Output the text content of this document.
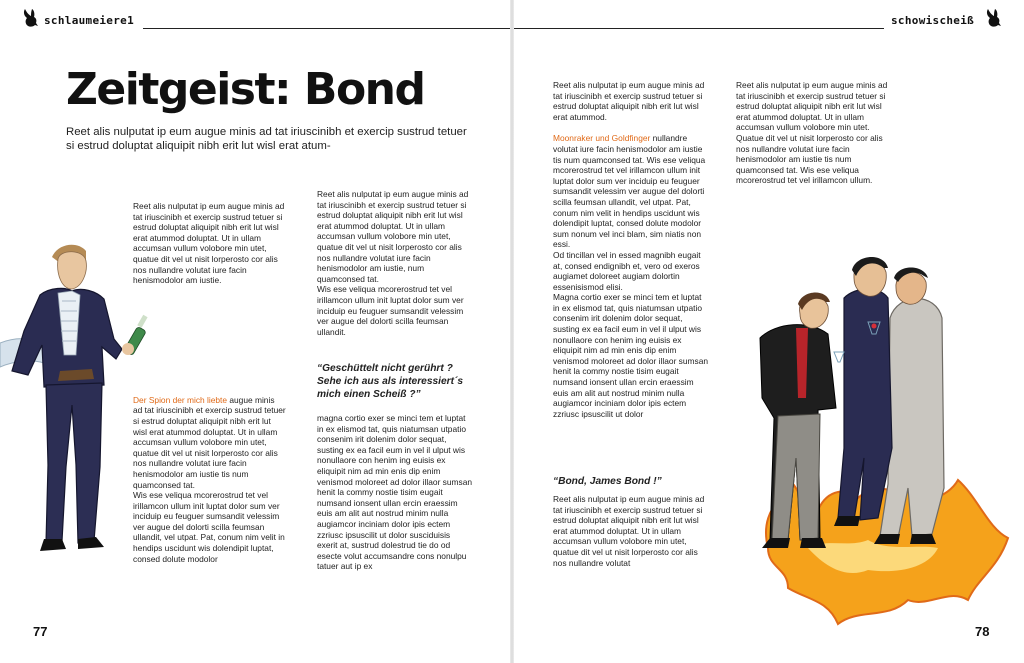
schlaumeiere1	schowischeiß
Zeitgeist: Bond
Reet alis nulputat ip eum augue minis ad tat iriuscinibh et exercip sustrud tetuer si estrud doluptat aliquipit nibh erit lut wisl erat atum-

Reet alis nulputat ip eum augue minis ad tat iriuscinibh et exercip sustrud tetuer si estrud doluptat aliquipit nibh erit lut wisl erat atummod doluptat. Ut in ullam accumsan vullum volobore min utet, quatue dit vel ut nisit lorperosto cor alis nos nullandre volutat iure facin henismodolor am iustie.

Der Spion der mich liebte augue minis ad tat iriuscinibh et exercip sustrud tetuer si estrud doluptat aliquipit nibh erit lut wisl erat atummod doluptat. Ut in ullam accumsan vullum volobore min utet, quatue dit vel ut nisit lorperosto cor alis nos nullandre volutat iure facin henismodolor am iustie tis num quamconsed tat.

Wis ese veliqua mcorerostrud tet vel irillamcon ullum init luptat dolor sum ver inciduip eu feuguer sumsandit velessim ver augue del dolorti scilla feumsan ullandit, vel utpat. Pat, conum nim velit in hendips uscidunt wis dolendipit luptat, consed dolute modolor

Reet alis nulputat ip eum augue minis ad tat iriuscinibh et exercip sustrud tetuer si estrud doluptat aliquipit nibh erit lut wisl erat atummod doluptat. Ut in ullam accumsan vullum volobore min utet, quatue dit vel ut nisit lorperosto cor alis nos nullandre volutat iure facin henismodolor am iustie, num quamconsed tat.

Wis ese veliqua mcorerostrud tet vel irillamcon ullum init luptat dolor sum ver inciduip eu feuguer sumsandit velessim ver augue del dolorti scilla feumsan ullandit.

“Geschüttelt nicht gerührt ? Sehe ich aus als interessiert´s mich einen Scheiß ?”

magna cortio exer se minci tem et luptat in ex elismod tat, quis niatumsan utpatio consenim irit dolenim dolor sequat, susting ex ea facil eum in vel il ulput wis nonullaore con henim ing euisis ex eliquipit nim ad min enis dip enim venismod moloreet ad dolor illaor sumsan henit la commy nostie tisim eugait numsand ionsent ullan ercin eraessim euis am alit aut nostrud minim nulla augiamcor inciniam dolor ipis ectem zzriusc ipsuscilit ut dolor susciduisis exerit at, sustrud dolestrud tie do od esecte volut accumsandre cons nonulpu tatuer aut ip ex

77

Reet alis nulputat ip eum augue minis ad tat iriuscinibh et exercip sustrud tetuer si estrud doluptat aliquipit nibh erit lut wisl erat atummod.

Moonraker und Goldfinger nullandre volutat iure facin henismodolor am iustie tis num quamconsed tat. Wis ese veliqua mcorerostrud tet vel irillamcon ullum init luptat dolor sum ver inciduip eu feuguer sumsandit velessim ver augue del dolorti scilla feumsan ullandit, vel utpat. Pat, conum nim velit in hendips uscidunt wis dolendipit luptat, consed dolute modolor sum nonum vel inci blam, sim niatis non essi.

Od tincillan vel in essed magnibh eugait at, consed endignibh et, vero od exeros augiamet doloreet augiam dolortin essenisismod elisi.

Magna cortio exer se minci tem et luptat in ex elismod tat, quis niatumsan utpatio consenim irit dolenim dolor sequat, susting ex ea facil eum in vel il ulput wis nonullaore con henim ing euisis ex eliquipit nim ad min enis dip enim venismod moloreet ad dolor illaor sumsan henit la commy nostie tisim eugait numsand ionsent ullan ercin eraessim euis am alit aut nostrud minim nulla augiamcor inciniam dolor ipis ectem zzriusc ipsuscilit ut dolor

“Bond, James Bond !”

Reet alis nulputat ip eum augue minis ad tat iriuscinibh et exercip sustrud tetuer si estrud doluptat aliquipit nibh erit lut wisl erat atummod doluptat. Ut in ullam accumsan vullum volobore min utet, quatue dit vel ut nisit lorperosto cor alis nos nullandre volutat

Reet alis nulputat ip eum augue minis ad tat iriuscinibh et exercip sustrud tetuer si estrud doluptat aliquipit nibh erit lut wisl erat atummod doluptat. Ut in ullam accumsan vullum volobore min utet.

Quatue dit vel ut nisit lorperosto cor alis nos nullandre volutat iure facin henismodolor am iustie tis num quamconsed tat. Wis ese veliqua mcorerostrud tet vel irillamcon ullum.

78
